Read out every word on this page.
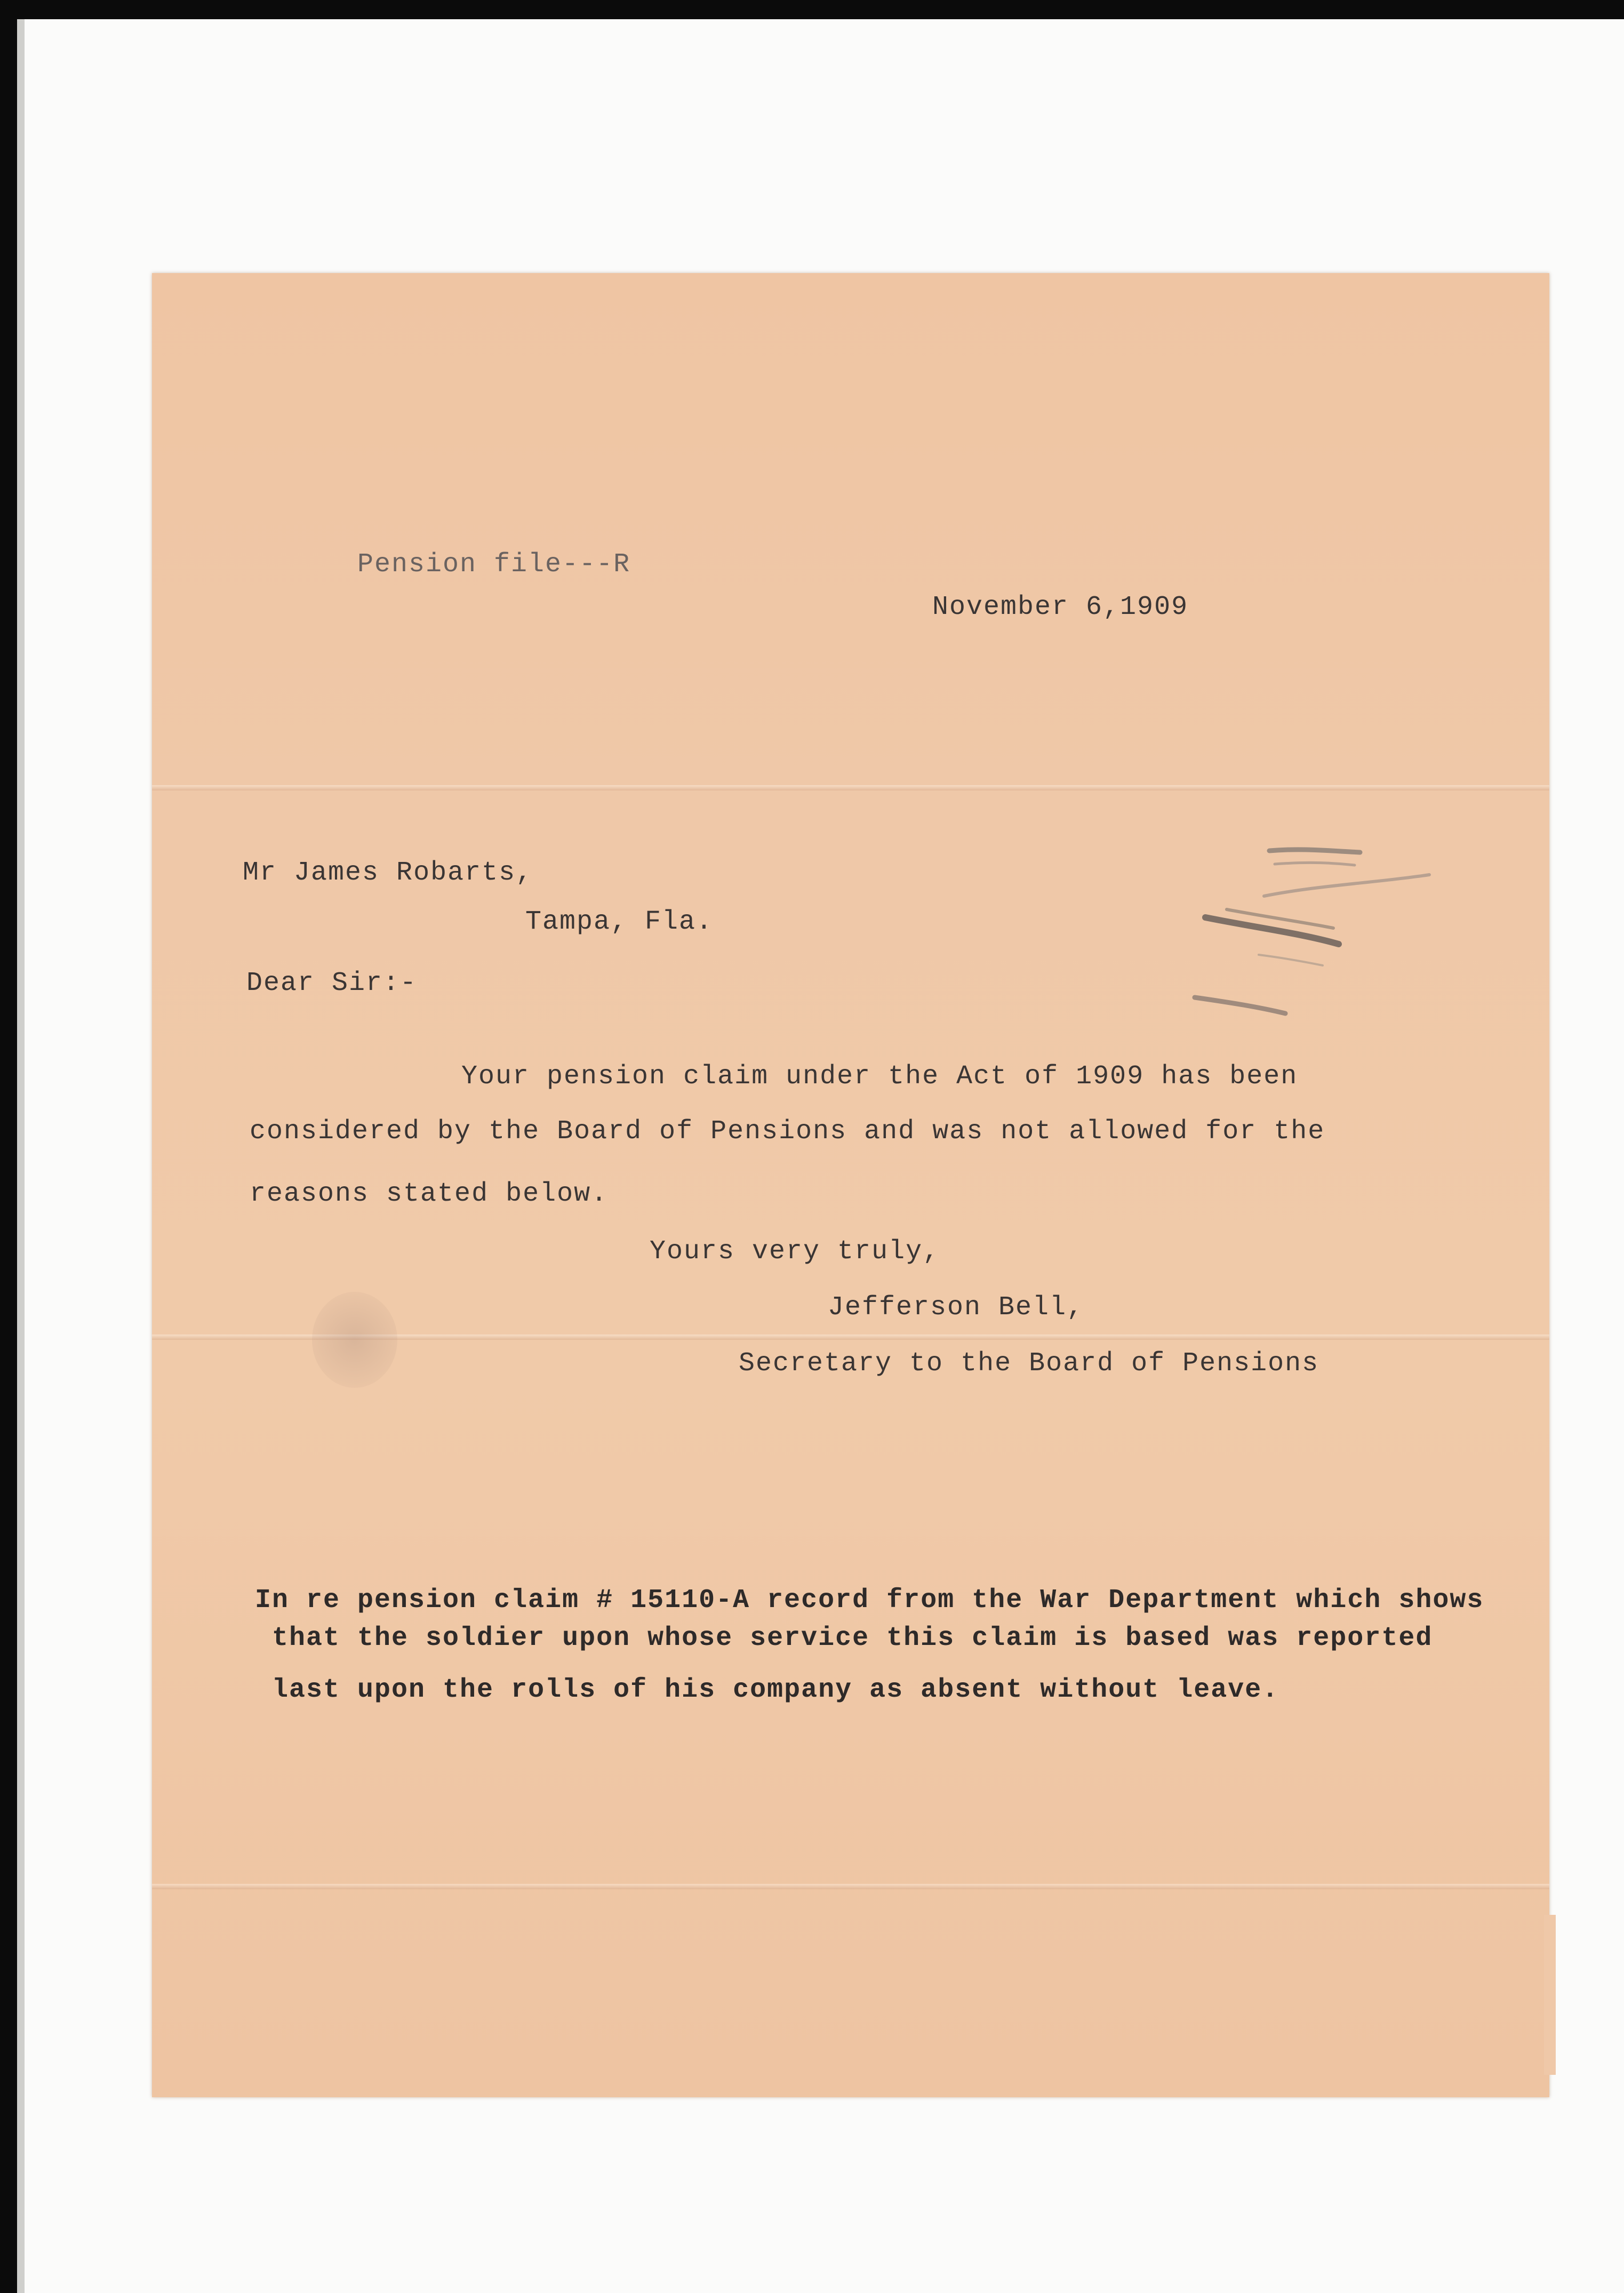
Pension file---R
November 6,1909
Mr James Robarts,
Tampa, Fla.
Dear Sir:-
Your pension claim under the Act of 1909 has been
considered by the Board of Pensions and was not allowed for the
reasons stated below.
Yours very truly,
Jefferson Bell,
Secretary to the Board of Pensions
In re pension claim # 15110-A record from the War Department which shows
that the soldier upon whose service this claim is based was reported
last upon the rolls of his company as absent without leave.
